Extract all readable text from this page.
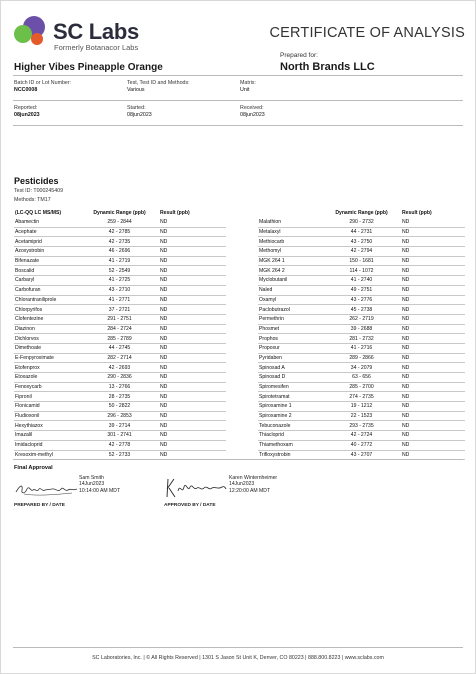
SC Labs
Formerly Botanacor Labs
CERTIFICATE OF ANALYSIS
Higher Vibes Pineapple Orange
Prepared for:
North Brands LLC
Batch ID or Lot Number:
NCC0008
Test, Test ID and Methods:
Various
Matrix:
Unit
Reported:
08jun2023
Started:
08jun2023
Received:
08jun2023
Pesticides
Test ID: T000245409
Methods: TM17
(LC-QQ LC MS/MS)	Dynamic Range (ppb)	Result (ppb)
Abamectin	259 - 2844	ND
Acephate	42 - 2785	ND
Acetamiprid	42 - 2735	ND
Azoxystrobin	46 - 2696	ND
Bifenazate	41 - 2719	ND
Boscalid	52 - 2549	ND
Carbaryl	41 - 2725	ND
Carbofuran	43 - 2710	ND
Chlorantraniliprole	41 - 2771	ND
Chlorpyrifos	37 - 2721	ND
Clofentezine	291 - 2751	ND
Diazinon	284 - 2724	ND
Dichlorvos	285 - 2789	ND
Dimethoate	44 - 2745	ND
E-Fenpyroximate	282 - 2714	ND
Etofenprox	42 - 2693	ND
Etoxazole	290 - 2836	ND
Fenoxycarb	13 - 2766	ND
Fipronil	28 - 2735	ND
Flonicamid	50 - 2822	ND
Fludioxonil	296 - 2853	ND
Hexythiazox	39 - 2714	ND
Imazalil	301 - 2741	ND
Imidacloprid	42 - 2778	ND
Kresoxim-methyl	52 - 2733	ND
	Dynamic Range (ppb)	Result (ppb)
Malathion	290 - 2732	ND
Metalaxyl	44 - 2731	ND
Methiocarb	43 - 2750	ND
Methomyl	42 - 2794	ND
MGK 264 1	150 - 1681	ND
MGK 264 2	114 - 1072	ND
Myclobutanil	41 - 2740	ND
Naled	49 - 2751	ND
Oxamyl	43 - 2776	ND
Paclobutrazol	45 - 2738	ND
Permethrin	262 - 2719	ND
Phosmet	39 - 2688	ND
Prophos	281 - 2732	ND
Propoxur	41 - 2716	ND
Pyridaben	289 - 2866	ND
Spinosad A	34 - 2079	ND
Spinosad D	63 - 656	ND
Spiromesifen	285 - 2700	ND
Spirotetramat	274 - 2735	ND
Spiroxamine 1	19 - 1212	ND
Spiroxamine 2	22 - 1523	ND
Tebuconazole	293 - 2735	ND
Thiacloprid	42 - 2724	ND
Thiamethoxam	40 - 2772	ND
Trifloxystrobin	43 - 2707	ND
Final Approval
Sam Smith
14Jun2023
10:14:00 AM MDT
PREPARED BY / DATE
Karen Winternheimer
14Jun2023
12:20:00 AM MDT
APPROVED BY / DATE
SC Laboratories, Inc. | © All Rights Reserved | 1301 S Jason St Unit K, Denver, CO 80223 | 888.800.8223 | www.sclabs.com
